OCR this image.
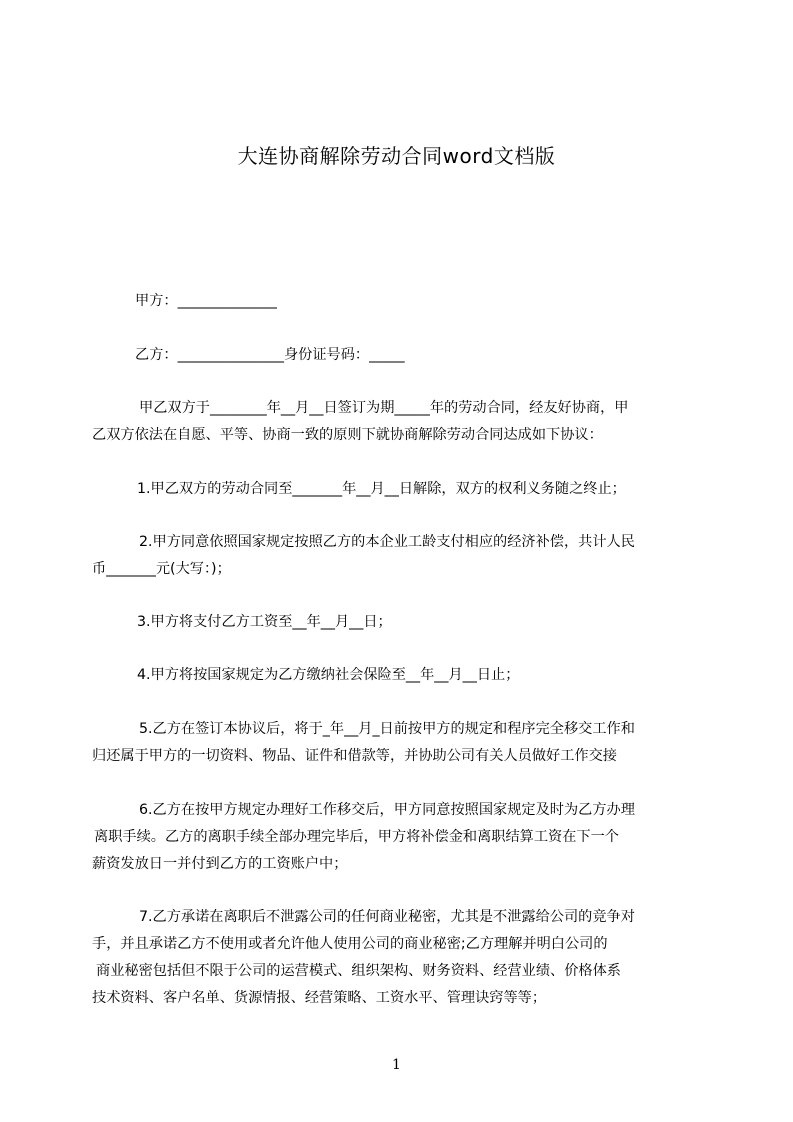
大连协商解除劳动合同word文档版
甲方：______________
乙方：_______________身份证号码：_____
甲乙双方于________年__月__日签订为期_____年的劳动合同，经友好协商，甲
乙双方依法在自愿、平等、协商一致的原则下就协商解除劳动合同达成如下协议：
1.甲乙双方的劳动合同至_______年__月__日解除，双方的权利义务随之终止；
2.甲方同意依照国家规定按照乙方的本企业工龄支付相应的经济补偿，共计人民
币_______元(大写：)；
3.甲方将支付乙方工资至__年__月__日；
4.甲方将按国家规定为乙方缴纳社会保险至__年__月__日止；
5.乙方在签订本协议后，将于_年__月_日前按甲方的规定和程序完全移交工作和
归还属于甲方的一切资料、物品、证件和借款等，并协助公司有关人员做好工作交接
6.乙方在按甲方规定办理好工作移交后，甲方同意按照国家规定及时为乙方办理
离职手续。乙方的离职手续全部办理完毕后，甲方将补偿金和离职结算工资在下一个
薪资发放日一并付到乙方的工资账户中；
7.乙方承诺在离职后不泄露公司的任何商业秘密，尤其是不泄露给公司的竞争对
手，并且承诺乙方不使用或者允许他人使用公司的商业秘密;乙方理解并明白公司的
商业秘密包括但不限于公司的运营模式、组织架构、财务资料、经营业绩、价格体系
技术资料、客户名单、货源情报、经营策略、工资水平、管理诀窍等等；
1
